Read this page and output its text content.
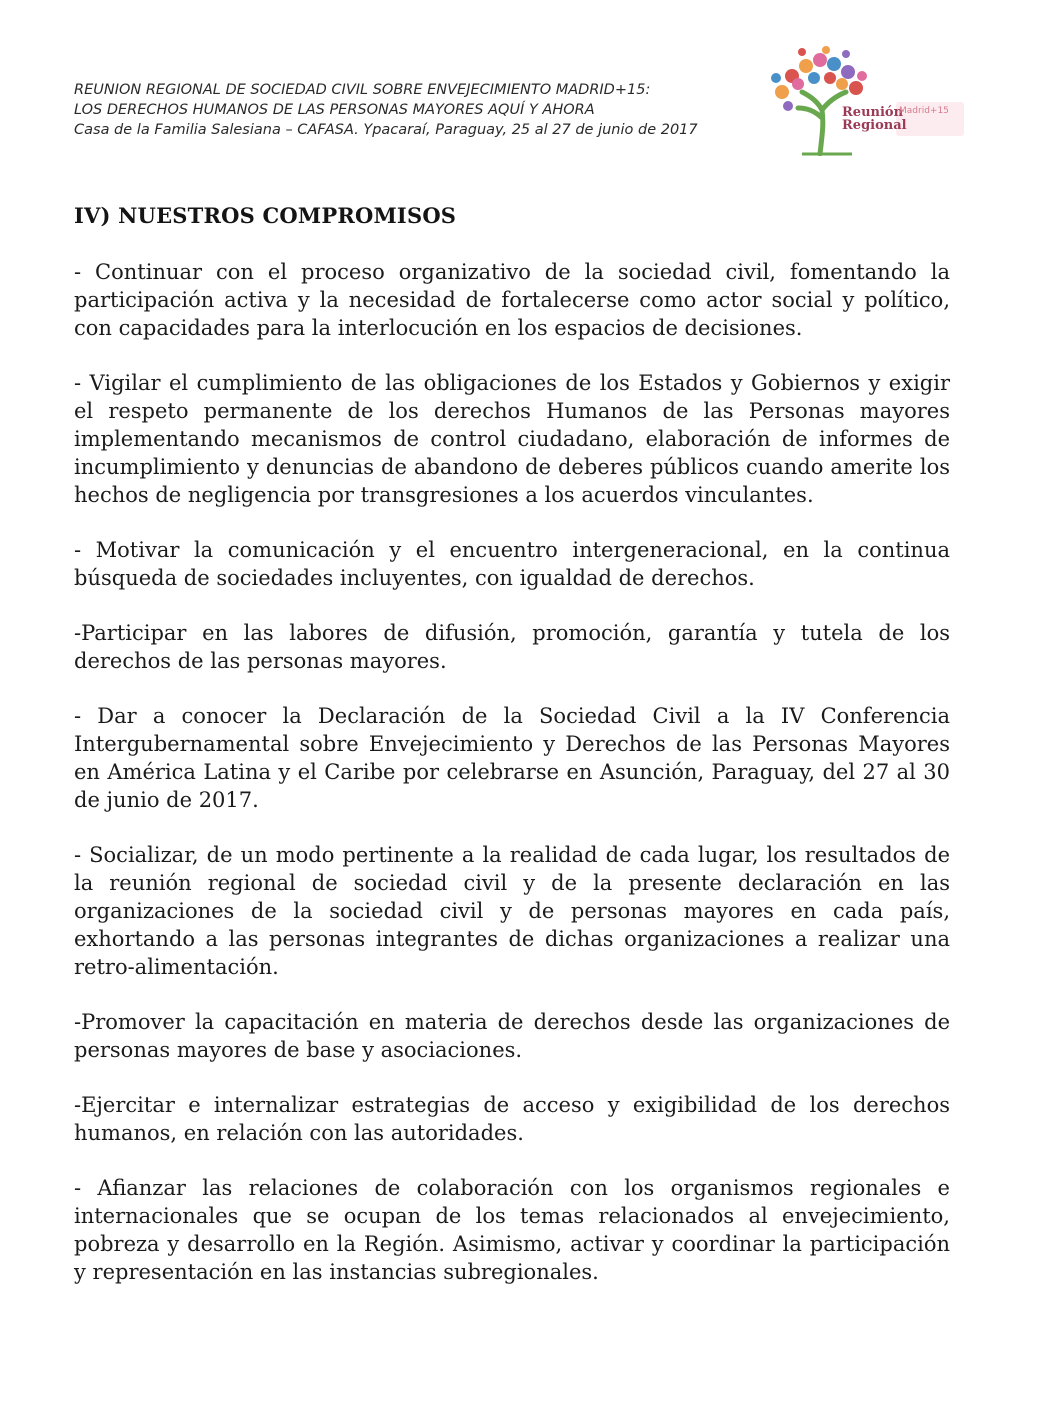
REUNION REGIONAL DE SOCIEDAD CIVIL SOBRE ENVEJECIMIENTO MADRID+15:
LOS DERECHOS HUMANOS DE LAS PERSONAS MAYORES AQUÍ Y AHORA
Casa de la Familia Salesiana – CAFASA. Ypacaraí, Paraguay, 25 al 27 de junio de 2017
Reunión
Regional
Madrid+15
IV) NUESTROS COMPROMISOS

- Continuar con el proceso organizativo de la sociedad civil, fomentando la participación activa y la necesidad de fortalecerse como actor social y político, con capacidades para la interlocución en los espacios de decisiones.

- Vigilar el cumplimiento de las obligaciones de los Estados y Gobiernos y exigir el respeto permanente de los derechos Humanos de las Personas mayores implementando mecanismos de control ciudadano, elaboración de informes de incumplimiento y denuncias de abandono de deberes públicos cuando amerite los hechos de negligencia por transgresiones a los acuerdos vinculantes.

- Motivar la comunicación y el encuentro intergeneracional, en la continua búsqueda de sociedades incluyentes, con igualdad de derechos.

-Participar en las labores de difusión, promoción, garantía y tutela de los derechos de las personas mayores.

- Dar a conocer la Declaración de la Sociedad Civil a la IV Conferencia Intergubernamental sobre Envejecimiento y Derechos de las Personas Mayores en América Latina y el Caribe por celebrarse en Asunción, Paraguay, del 27 al 30 de junio de 2017.

- Socializar, de un modo pertinente a la realidad de cada lugar, los resultados de la reunión regional de sociedad civil y de la presente declaración en las organizaciones de la sociedad civil y de personas mayores en cada país, exhortando a las personas integrantes de dichas organizaciones a realizar una retro-alimentación.

-Promover la capacitación en materia de derechos desde las organizaciones de personas mayores de base y asociaciones.

-Ejercitar e internalizar estrategias de acceso y exigibilidad de los derechos humanos, en relación con las autoridades.

- Afianzar las relaciones de colaboración con los organismos regionales e internacionales que se ocupan de los temas relacionados al envejecimiento, pobreza y desarrollo en la Región. Asimismo, activar y coordinar la participación y representación en las instancias subregionales.
